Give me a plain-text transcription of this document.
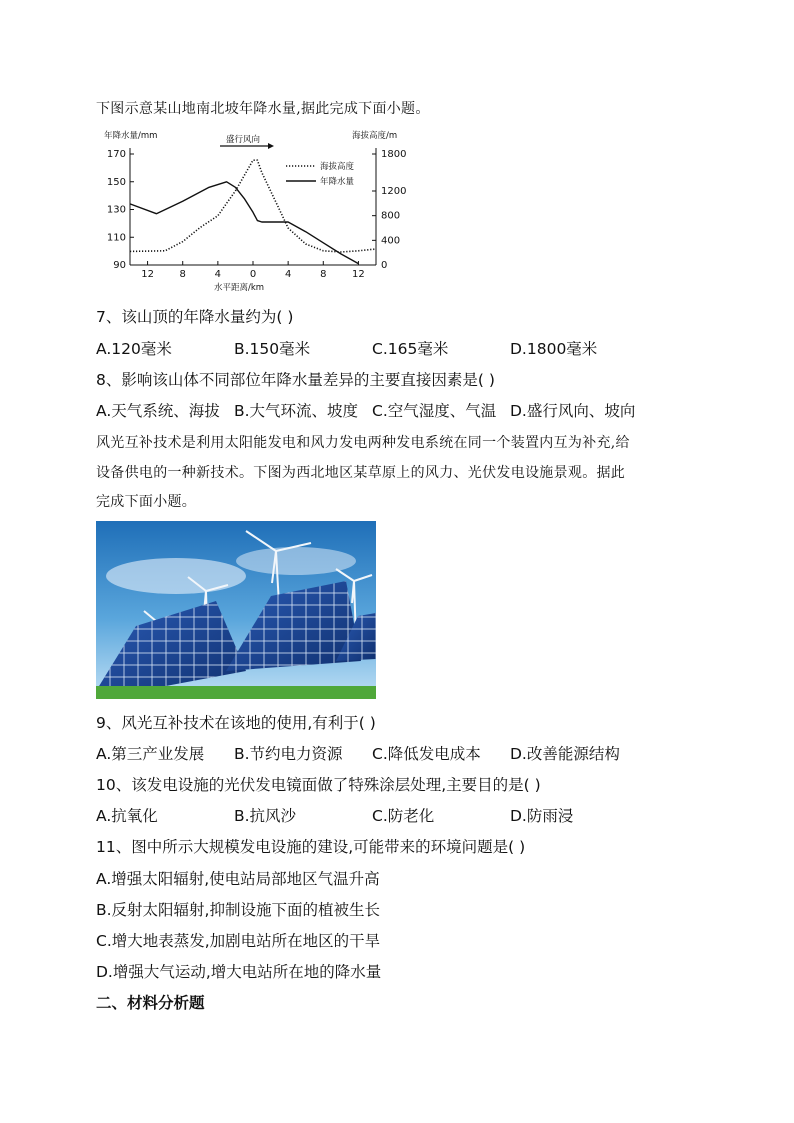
下图示意某山地南北坡年降水量,据此完成下面小题。
年降水量/mm	海拔高度/m
盛行风向
170
150
130
110
90
1800
1200
800
400
0
12	8	4	0	4	8	12
水平距离/km
海拔高度
年降水量
7、该山顶的年降水量约为( )
A.120毫米	B.150毫米	C.165毫米	D.1800毫米
8、影响该山体不同部位年降水量差异的主要直接因素是( )
A.天气系统、海拔 B.大气环流、坡度 C.空气湿度、气温 D.盛行风向、坡向
风光互补技术是利用太阳能发电和风力发电两种发电系统在同一个装置内互为补充,给
设备供电的一种新技术。下图为西北地区某草原上的风力、光伏发电设施景观。据此
完成下面小题。
9、风光互补技术在该地的使用,有利于( )
A.第三产业发展 B.节约电力资源 C.降低发电成本 D.改善能源结构
10、该发电设施的光伏发电镜面做了特殊涂层处理,主要目的是( )
A.抗氧化	B.抗风沙	C.防老化	D.防雨浸
11、图中所示大规模发电设施的建设,可能带来的环境问题是( )
A.增强太阳辐射,使电站局部地区气温升高
B.反射太阳辐射,抑制设施下面的植被生长
C.增大地表蒸发,加剧电站所在地区的干旱
D.增强大气运动,增大电站所在地的降水量
二、材料分析题
